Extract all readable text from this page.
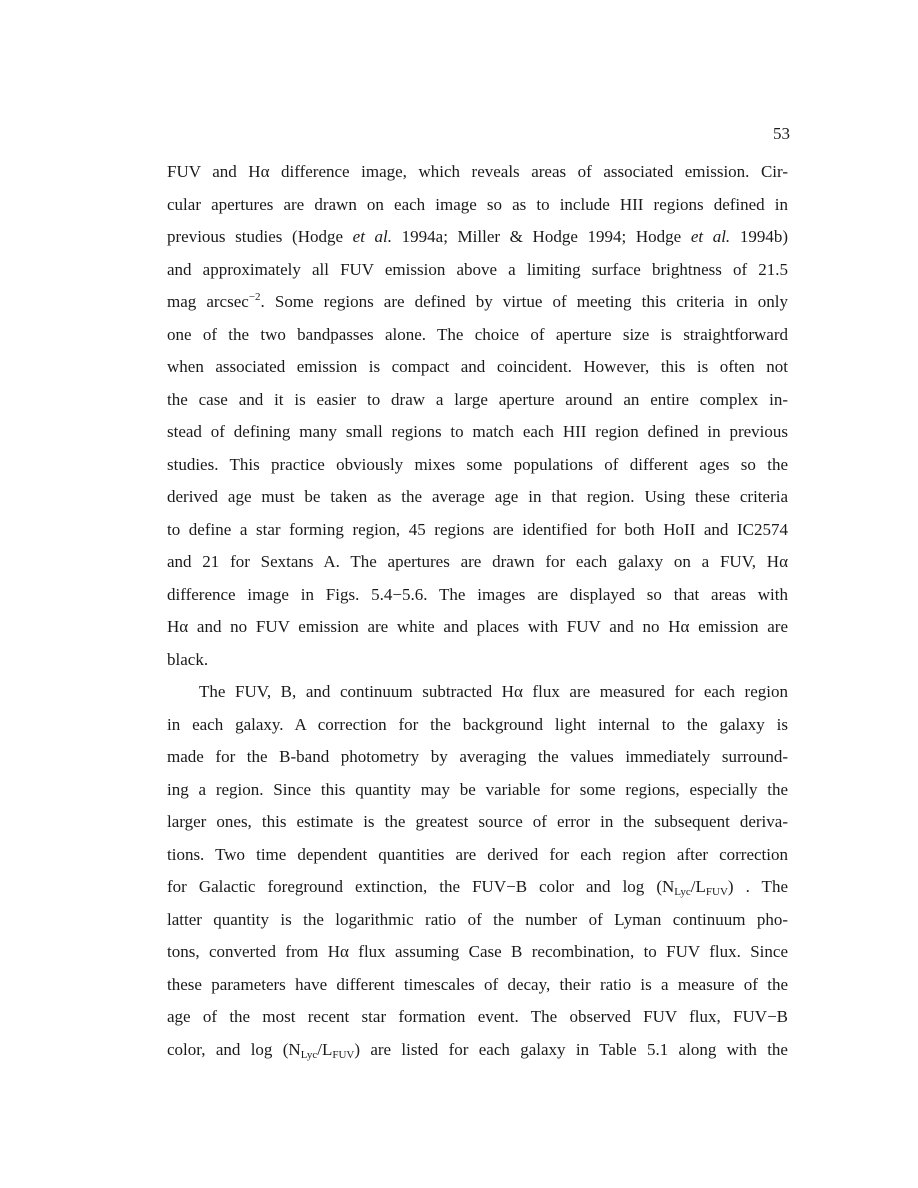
53

FUV and Hα difference image, which reveals areas of associated emission. Cir-
cular apertures are drawn on each image so as to include HII regions defined in
previous studies (Hodge et al. 1994a; Miller & Hodge 1994; Hodge et al. 1994b)
and approximately all FUV emission above a limiting surface brightness of 21.5
mag arcsec$^{-2}$. Some regions are defined by virtue of meeting this criteria in only
one of the two bandpasses alone. The choice of aperture size is straightforward
when associated emission is compact and coincident. However, this is often not
the case and it is easier to draw a large aperture around an entire complex in-
stead of defining many small regions to match each HII region defined in previous
studies. This practice obviously mixes some populations of different ages so the
derived age must be taken as the average age in that region. Using these criteria
to define a star forming region, 45 regions are identified for both HoII and IC2574
and 21 for Sextans A. The apertures are drawn for each galaxy on a FUV, Hα
difference image in Figs. 5.4−5.6. The images are displayed so that areas with
Hα and no FUV emission are white and places with FUV and no Hα emission are
black.

The FUV, B, and continuum subtracted Hα flux are measured for each region
in each galaxy. A correction for the background light internal to the galaxy is
made for the B-band photometry by averaging the values immediately surround-
ing a region. Since this quantity may be variable for some regions, especially the
larger ones, this estimate is the greatest source of error in the subsequent deriva-
tions. Two time dependent quantities are derived for each region after correction
for Galactic foreground extinction, the FUV−B color and $\log (N_{Lyc}/L_{FUV})$ . The
latter quantity is the logarithmic ratio of the number of Lyman continuum pho-
tons, converted from Hα flux assuming Case B recombination, to FUV flux. Since
these parameters have different timescales of decay, their ratio is a measure of the
age of the most recent star formation event. The observed FUV flux, FUV−B
color, and $\log (N_{Lyc}/L_{FUV})$ are listed for each galaxy in Table 5.1 along with the
